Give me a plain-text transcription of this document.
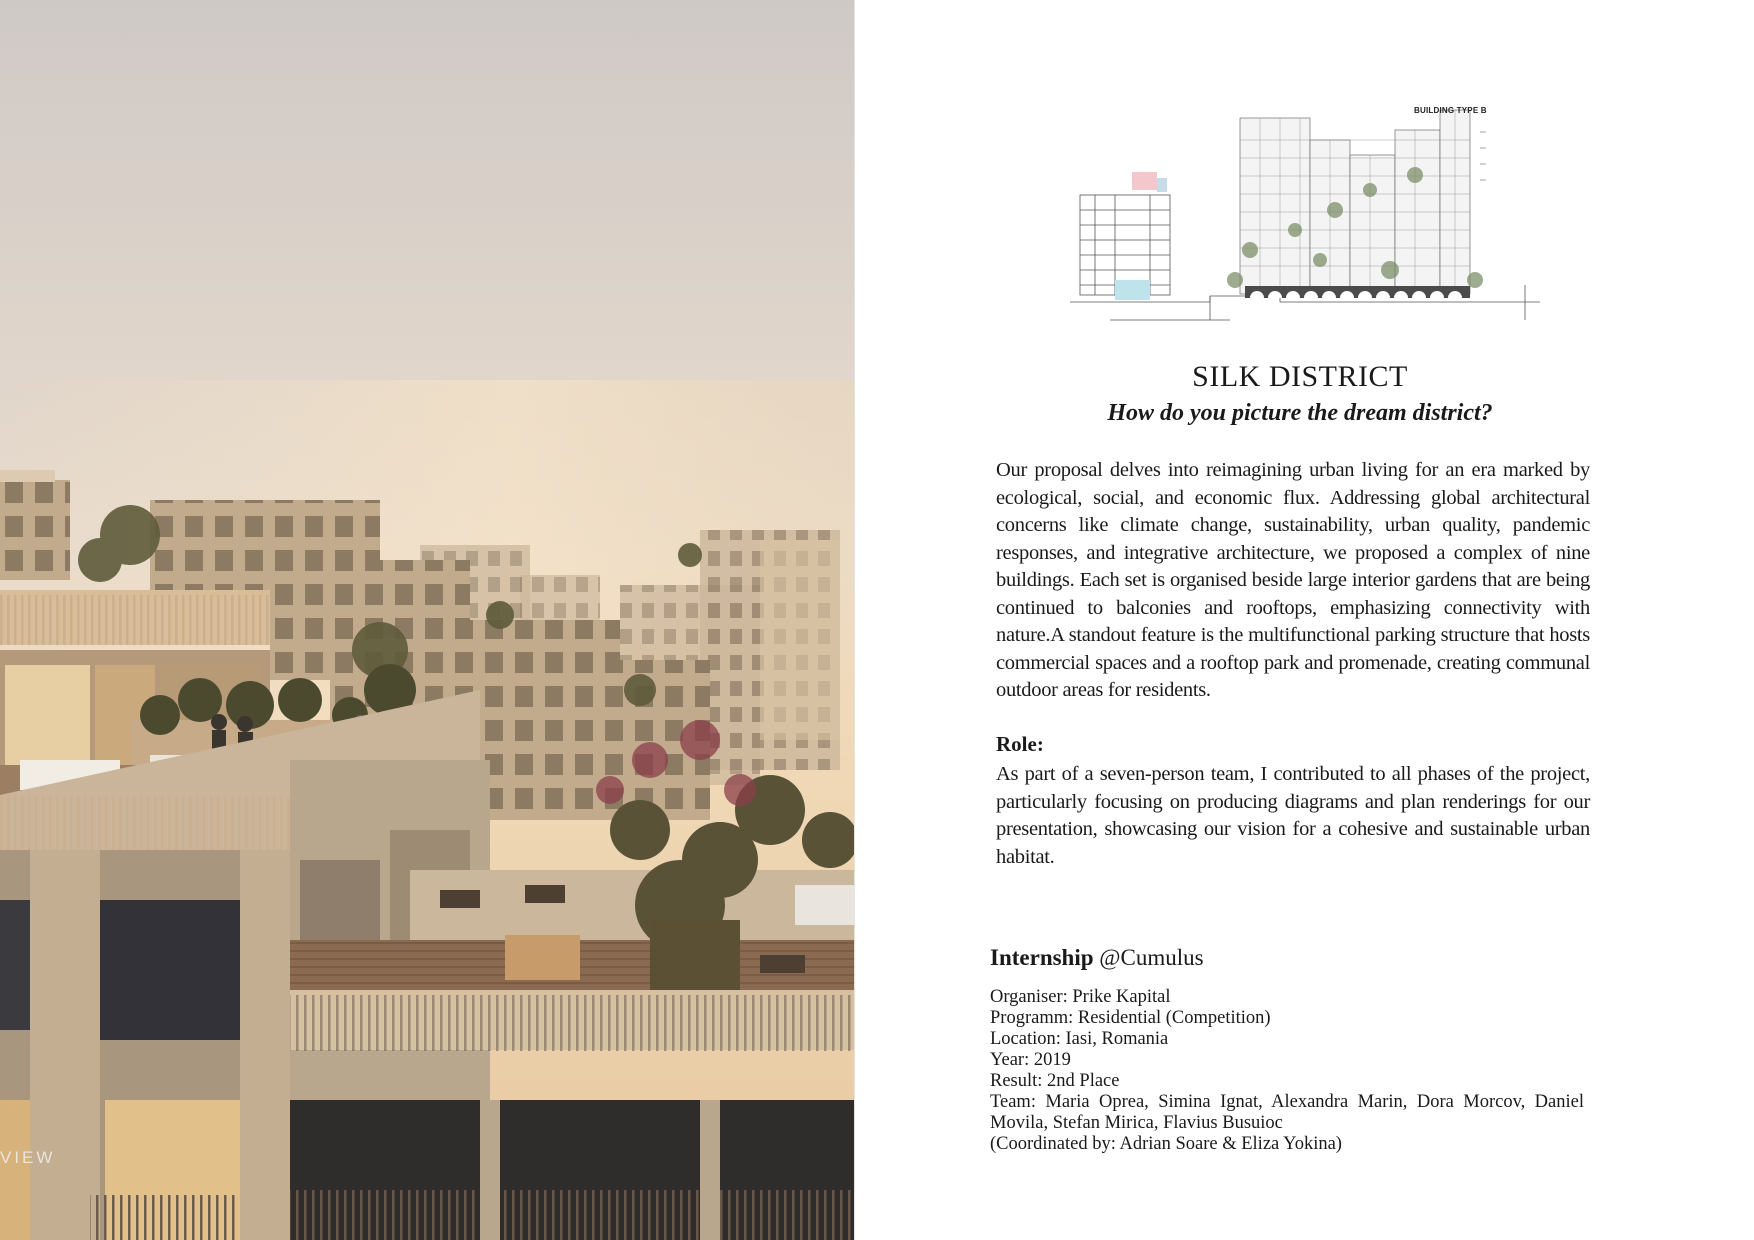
VIEW
BUILDING TYPE B
SILK DISTRICT
How do you picture the dream district?

Our proposal delves into reimagining urban living for an era marked by ecological, social, and economic flux. Addressing global architectural concerns like climate change, sustainability, urban quality, pandemic responses, and integrative architecture, we proposed a complex of nine buildings. Each set is organised beside large interior gardens that are being continued to balconies and rooftops, emphasizing connectivity with nature.A standout feature is the multifunctional parking structure that hosts commercial spaces and a rooftop park and promenade, creating communal outdoor areas for residents.

Role:

As part of a seven-person team, I contributed to all phases of the project, particularly focusing on producing diagrams and plan renderings for our presentation, showcasing our vision for a cohesive and sustainable urban habitat.

Internship @Cumulus
Organiser: Prike Kapital
Programm: Residential (Competition)
Location: Iasi, Romania
Year: 2019
Result: 2nd Place
Team: Maria Oprea, Simina Ignat, Alexandra Marin, Dora Morcov, Daniel Movila, Stefan Mirica, Flavius Busuioc
(Coordinated by: Adrian Soare & Eliza Yokina)
